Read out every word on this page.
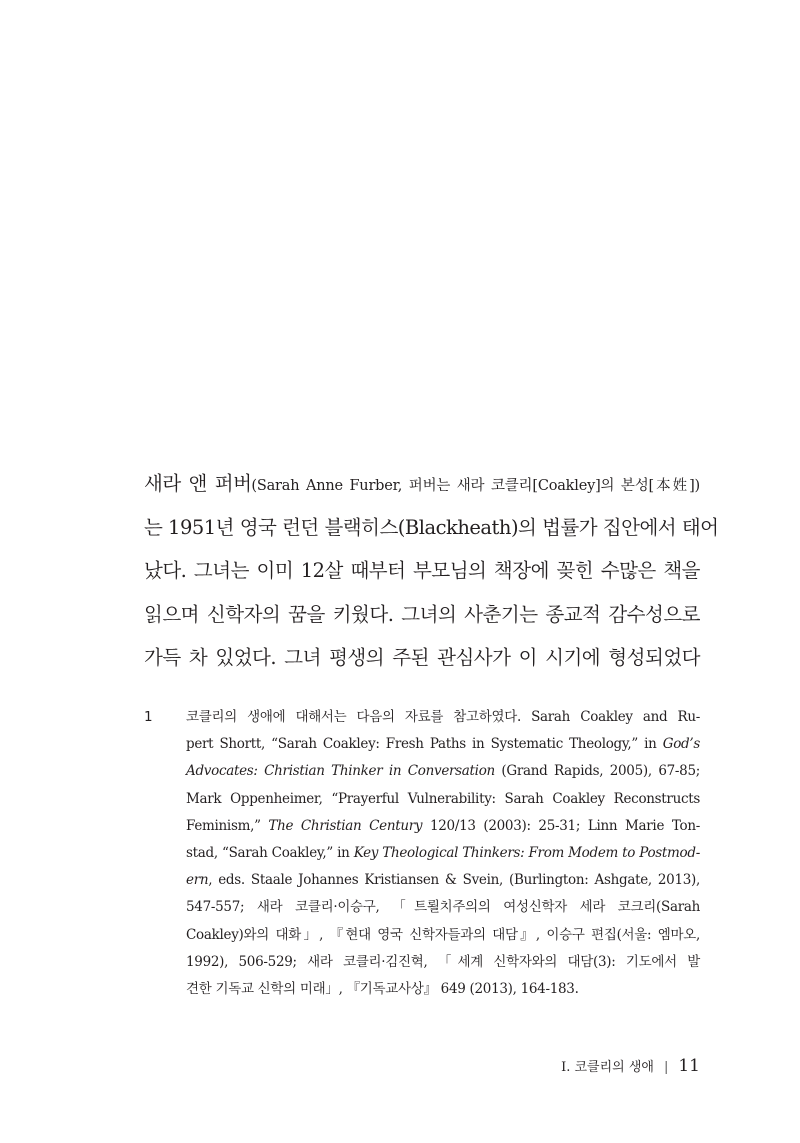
새라 앤 퍼버(Sarah Anne Furber, 퍼버는 새라 코클리[Coakley]의 본성[本姓])
는 1951년 영국 런던 블랙히스(Blackheath)의 법률가 집안에서 태어
났다. 그녀는 이미 12살 때부터 부모님의 책장에 꽂힌 수많은 책을
읽으며 신학자의 꿈을 키웠다. 그녀의 사춘기는 종교적 감수성으로
가득 차 있었다. 그녀 평생의 주된 관심사가 이 시기에 형성되었다
1 코클리의 생애에 대해서는 다음의 자료를 참고하였다. Sarah Coakley and Ru-
pert Shortt, “Sarah Coakley: Fresh Paths in Systematic Theology,” in God’s
Advocates: Christian Thinker in Conversation (Grand Rapids, 2005), 67-85;
Mark Oppenheimer, “Prayerful Vulnerability: Sarah Coakley Reconstructs
Feminism,” The Christian Century 120/13 (2003): 25-31; Linn Marie Ton-
stad, “Sarah Coakley,” in Key Theological Thinkers: From Modem to Postmod-
ern, eds. Staale Johannes Kristiansen & Svein, (Burlington: Ashgate, 2013),
547-557; 새라 코클리·이승구, 「트뢸치주의의 여성신학자 세라 코크리(Sarah
Coakley)와의 대화」, 『현대 영국 신학자들과의 대담』, 이승구 편집(서울: 엠마오,
1992), 506-529; 새라 코클리·김진혁, 「세계 신학자와의 대담(3): 기도에서 발
견한 기독교 신학의 미래」, 『기독교사상』 649 (2013), 164-183.
I. 코클리의 생애 | 11
